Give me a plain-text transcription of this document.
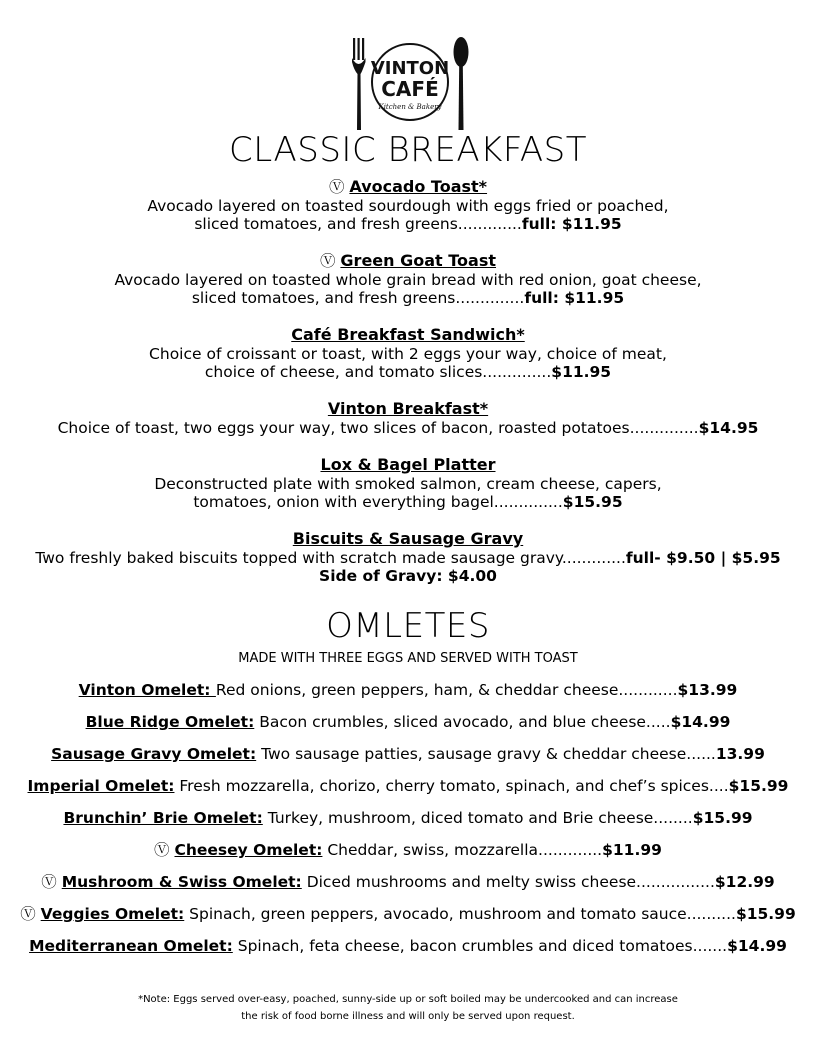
VINTON
CAFÉ
Kitchen & Bakery
CLASSIC BREAKFAST
Ⓥ Avocado Toast*
Avocado layered on toasted sourdough with eggs fried or poached,
sliced tomatoes, and fresh greens.............full: $11.95
Ⓥ Green Goat Toast
Avocado layered on toasted whole grain bread with red onion, goat cheese,
sliced tomatoes, and fresh greens..............full: $11.95
Café Breakfast Sandwich*
Choice of croissant or toast, with 2 eggs your way, choice of meat,
choice of cheese, and tomato slices..............$11.95
Vinton Breakfast*
Choice of toast, two eggs your way, two slices of bacon, roasted potatoes..............$14.95
Lox & Bagel Platter
Deconstructed plate with smoked salmon, cream cheese, capers,
tomatoes, onion with everything bagel..............$15.95
Biscuits & Sausage Gravy
Two freshly baked biscuits topped with scratch made sausage gravy.............full- $9.50 | $5.95
Side of Gravy: $4.00
OMLETES
MADE WITH THREE EGGS AND SERVED WITH TOAST
Vinton Omelet: Red onions, green peppers, ham, & cheddar cheese............$13.99
Blue Ridge Omelet: Bacon crumbles, sliced avocado, and blue cheese.....$14.99
Sausage Gravy Omelet: Two sausage patties, sausage gravy & cheddar cheese......13.99
Imperial Omelet: Fresh mozzarella, chorizo, cherry tomato, spinach, and chef’s spices....$15.99
Brunchin’ Brie Omelet: Turkey, mushroom, diced tomato and Brie cheese........$15.99
Ⓥ Cheesey Omelet: Cheddar, swiss, mozzarella.............$11.99
Ⓥ Mushroom & Swiss Omelet: Diced mushrooms and melty swiss cheese................$12.99
Ⓥ Veggies Omelet: Spinach, green peppers, avocado, mushroom and tomato sauce..........$15.99
Mediterranean Omelet: Spinach, feta cheese, bacon crumbles and diced tomatoes.......$14.99
*Note: Eggs served over-easy, poached, sunny-side up or soft boiled may be undercooked and can increase
the risk of food borne illness and will only be served upon request.
